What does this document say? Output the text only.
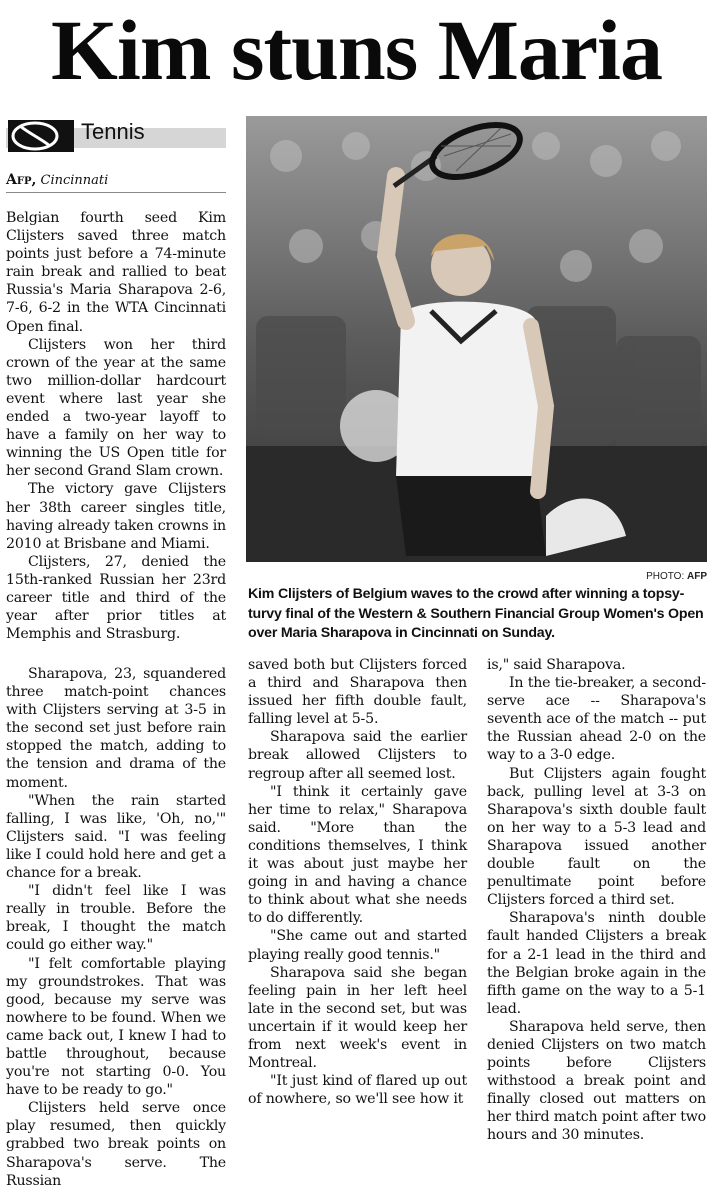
Kim stuns Maria
Tennis
Afp, Cincinnati

Belgian fourth seed Kim Clijsters saved three match points just before a 74-minute rain break and rallied to beat Russia's Maria Sharapova 2-6, 7-6, 6-2 in the WTA Cincinnati Open final.

Clijsters won her third crown of the year at the same two million-dollar hardcourt event where last year she ended a two-year layoff to have a family on her way to winning the US Open title for her second Grand Slam crown.

The victory gave Clijsters her 38th career singles title, having already taken crowns in 2010 at Brisbane and Miami.

Clijsters, 27, denied the 15th-ranked Russian her 23rd career title and third of the year after prior titles at Memphis and Strasburg.

Sharapova, 23, squandered three match-point chances with Clijsters serving at 3-5 in the second set just before rain stopped the match, adding to the tension and drama of the moment.

"When the rain started falling, I was like, 'Oh, no,'" Clijsters said. "I was feeling like I could hold here and get a chance for a break.

"I didn't feel like I was really in trouble. Before the break, I thought the match could go either way."

"I felt comfortable playing my groundstrokes. That was good, because my serve was nowhere to be found. When we came back out, I knew I had to battle throughout, because you're not starting 0-0. You have to be ready to go."

Clijsters held serve once play resumed, then quickly grabbed two break points on Sharapova's serve. The Russian

PHOTO: AFP
Kim Clijsters of Belgium waves to the crowd after winning a topsy-turvy final of the Western & Southern Financial Group Women's Open over Maria Sharapova in Cincinnati on Sunday.

saved both but Clijsters forced a third and Sharapova then issued her fifth double fault, falling level at 5-5.

Sharapova said the earlier break allowed Clijsters to regroup after all seemed lost.

"I think it certainly gave her time to relax," Sharapova said. "More than the conditions themselves, I think it was about just maybe her going in and having a chance to think about what she needs to do differently.

"She came out and started playing really good tennis."

Sharapova said she began feeling pain in her left heel late in the second set, but was uncertain if it would keep her from next week's event in Montreal.

"It just kind of flared up out of nowhere, so we'll see how it

is," said Sharapova.

In the tie-breaker, a second-serve ace -- Sharapova's seventh ace of the match -- put the Russian ahead 2-0 on the way to a 3-0 edge.

But Clijsters again fought back, pulling level at 3-3 on Sharapova's sixth double fault on her way to a 5-3 lead and Sharapova issued another double fault on the penultimate point before Clijsters forced a third set.

Sharapova's ninth double fault handed Clijsters a break for a 2-1 lead in the third and the Belgian broke again in the fifth game on the way to a 5-1 lead.

Sharapova held serve, then denied Clijsters on two match points before Clijsters withstood a break point and finally closed out matters on her third match point after two hours and 30 minutes.
